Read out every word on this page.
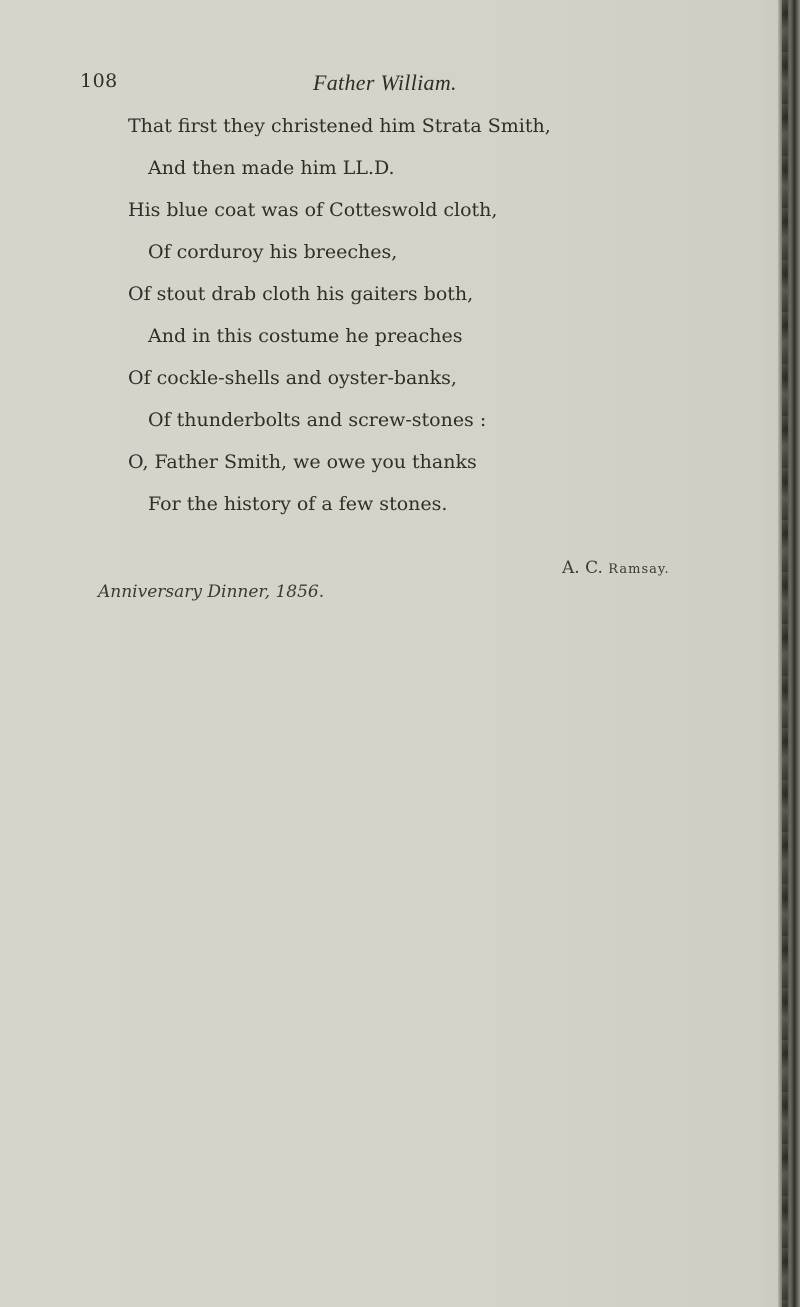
108	Father William.
That first they christened him Strata Smith,
And then made him LL.D.
His blue coat was of Cotteswold cloth,
Of corduroy his breeches,
Of stout drab cloth his gaiters both,
And in this costume he preaches
Of cockle-shells and oyster-banks,
Of thunderbolts and screw-stones :
O, Father Smith, we owe you thanks
For the history of a few stones.
A. C. Ramsay.
Anniversary Dinner, 1856.
